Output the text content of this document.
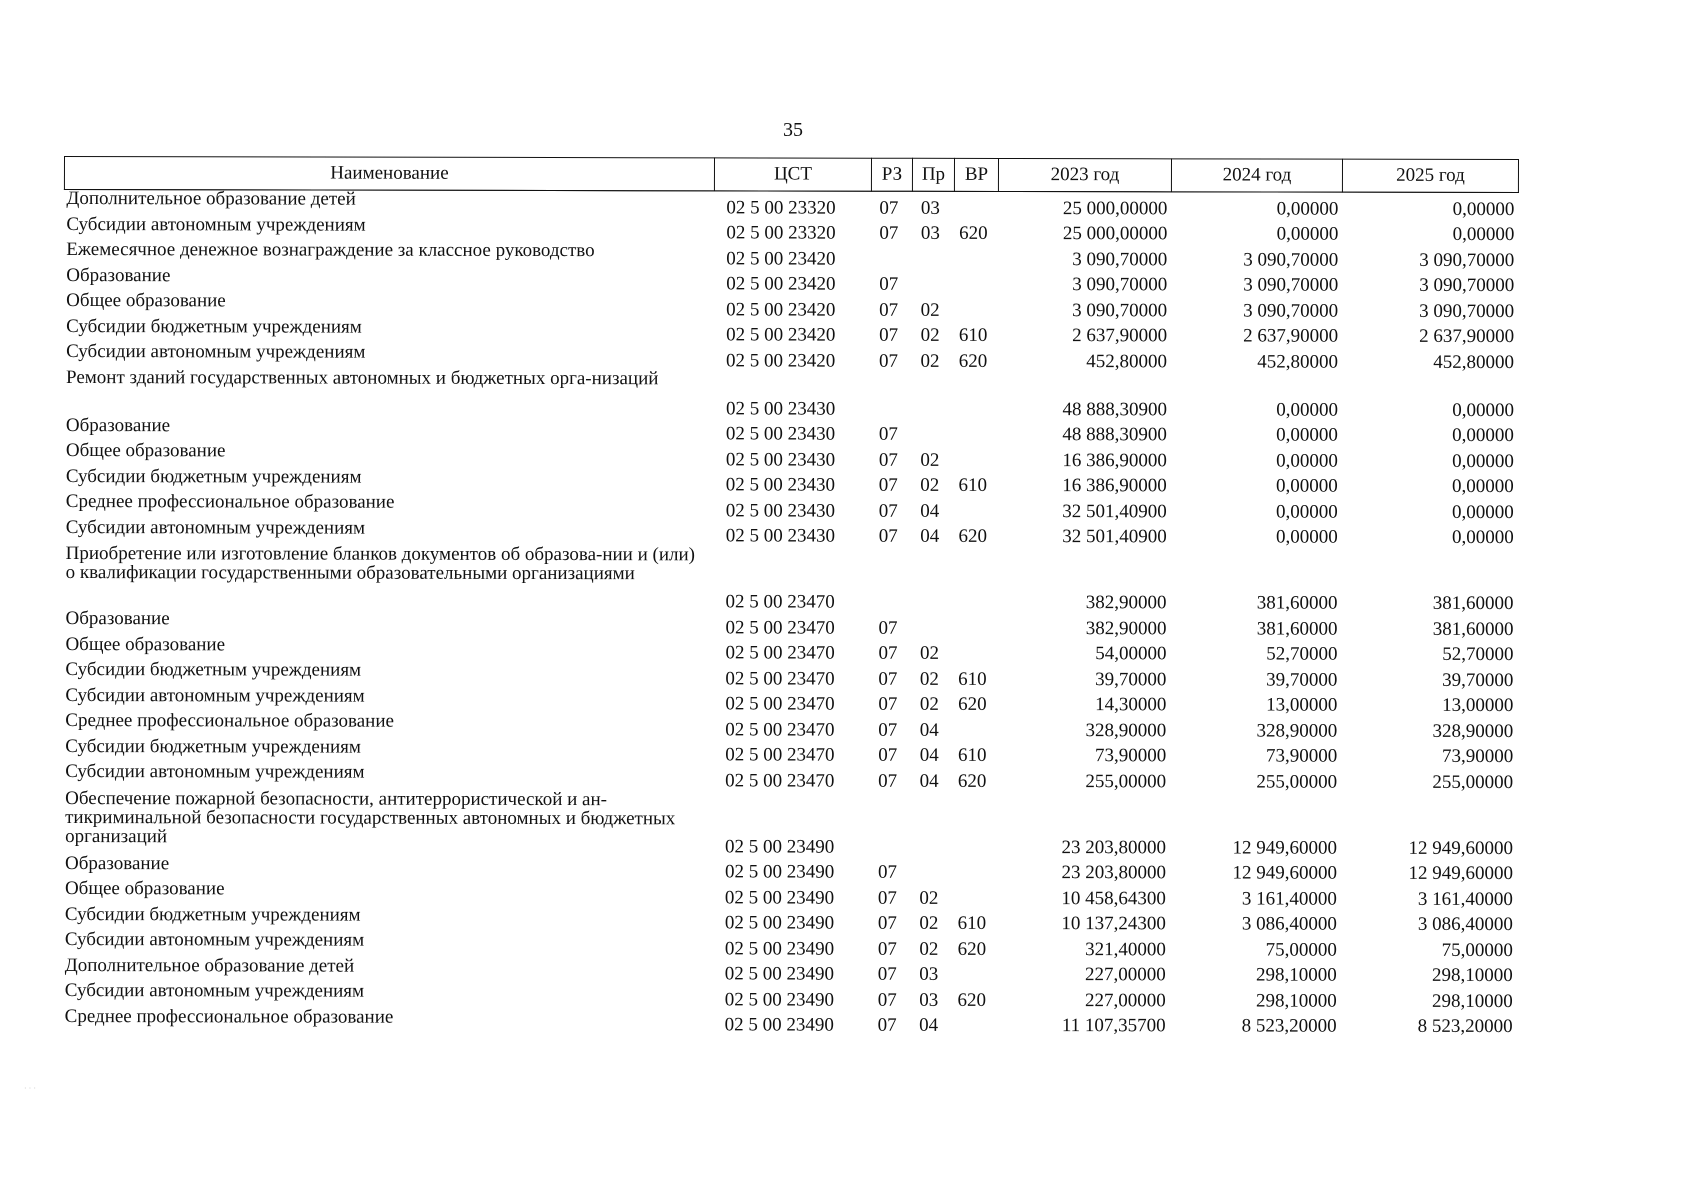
35
Наименование	ЦСТ	РЗ	Пр	ВР	2023 год	2024 год	2025 год
Дополнительное образование детей	02 5 00 23320	07	03		25 000,00000	0,00000	0,00000
Субсидии автономным учреждениям	02 5 00 23320	07	03	620	25 000,00000	0,00000	0,00000
Ежемесячное денежное вознаграждение за классное руководство	02 5 00 23420				3 090,70000	3 090,70000	3 090,70000
Образование	02 5 00 23420	07			3 090,70000	3 090,70000	3 090,70000
Общее образование	02 5 00 23420	07	02		3 090,70000	3 090,70000	3 090,70000
Субсидии бюджетным учреждениям	02 5 00 23420	07	02	610	2 637,90000	2 637,90000	2 637,90000
Субсидии автономным учреждениям	02 5 00 23420	07	02	620	452,80000	452,80000	452,80000
Ремонт зданий государственных автономных и бюджетных орга-низаций	02 5 00 23430				48 888,30900	0,00000	0,00000
Образование	02 5 00 23430	07			48 888,30900	0,00000	0,00000
Общее образование	02 5 00 23430	07	02		16 386,90000	0,00000	0,00000
Субсидии бюджетным учреждениям	02 5 00 23430	07	02	610	16 386,90000	0,00000	0,00000
Среднее профессиональное образование	02 5 00 23430	07	04		32 501,40900	0,00000	0,00000
Субсидии автономным учреждениям	02 5 00 23430	07	04	620	32 501,40900	0,00000	0,00000
Приобретение или изготовление бланков документов об образова-нии и (или) о квалификации государственными образовательными организациями	02 5 00 23470				382,90000	381,60000	381,60000
Образование	02 5 00 23470	07			382,90000	381,60000	381,60000
Общее образование	02 5 00 23470	07	02		54,00000	52,70000	52,70000
Субсидии бюджетным учреждениям	02 5 00 23470	07	02	610	39,70000	39,70000	39,70000
Субсидии автономным учреждениям	02 5 00 23470	07	02	620	14,30000	13,00000	13,00000
Среднее профессиональное образование	02 5 00 23470	07	04		328,90000	328,90000	328,90000
Субсидии бюджетным учреждениям	02 5 00 23470	07	04	610	73,90000	73,90000	73,90000
Субсидии автономным учреждениям	02 5 00 23470	07	04	620	255,00000	255,00000	255,00000
Обеспечение пожарной безопасности, антитеррористической и ан-тикриминальной безопасности государственных автономных и бюджетных организаций	02 5 00 23490				23 203,80000	12 949,60000	12 949,60000
Образование	02 5 00 23490	07			23 203,80000	12 949,60000	12 949,60000
Общее образование	02 5 00 23490	07	02		10 458,64300	3 161,40000	3 161,40000
Субсидии бюджетным учреждениям	02 5 00 23490	07	02	610	10 137,24300	3 086,40000	3 086,40000
Субсидии автономным учреждениям	02 5 00 23490	07	02	620	321,40000	75,00000	75,00000
Дополнительное образование детей	02 5 00 23490	07	03		227,00000	298,10000	298,10000
Субсидии автономным учреждениям	02 5 00 23490	07	03	620	227,00000	298,10000	298,10000
Среднее профессиональное образование	02 5 00 23490	07	04		11 107,35700	8 523,20000	8 523,20000
· · ·
